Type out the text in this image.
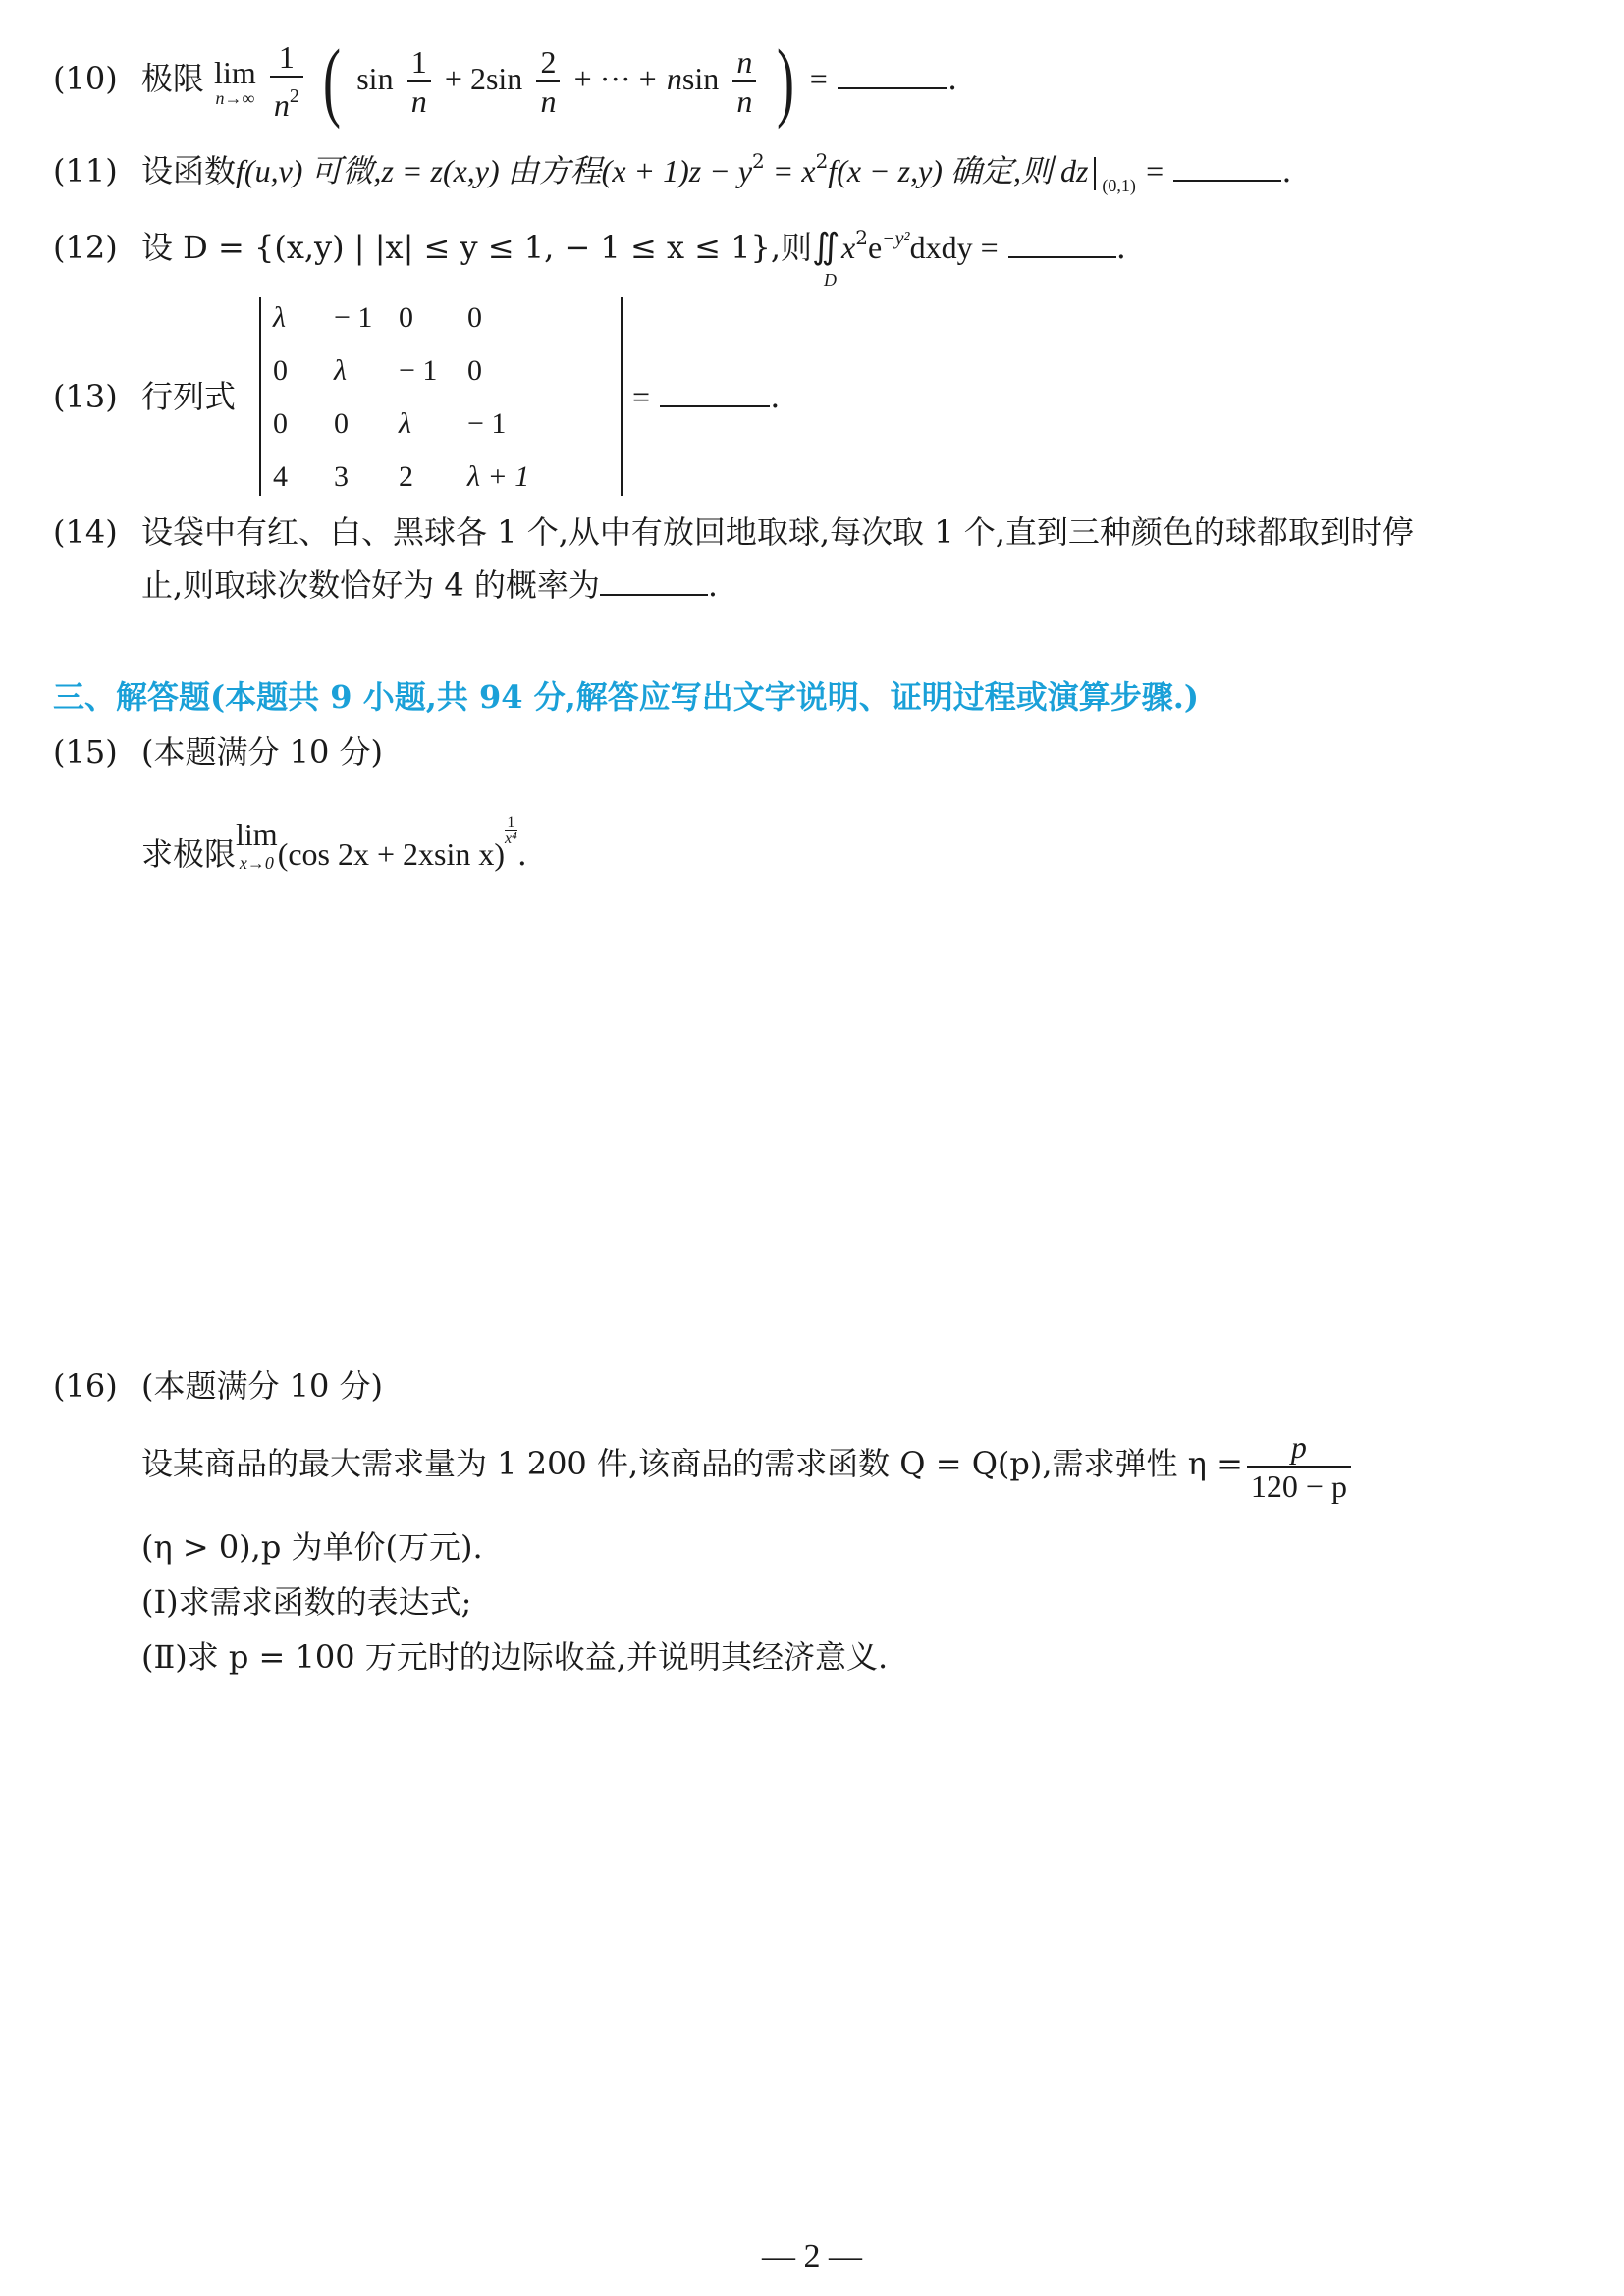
(10) 极限 lim
n→∞
$\frac{1}{n^2}$ ( $\sin \frac{1}{n} + 2\sin \frac{2}{n}$ + ··· + nsin $\frac{n}{n}$ ) =	.
(11) 设函数f(u,v) 可微,z = z(x,y) 由方程$(x + 1)z - y^2 = x^2f(x - z,y)$ 确定,则 dz $_{(0,1)}$ =	.
(12) 设 D = {(x,y) | |x| ≤ y ≤ 1, − 1 ≤ x ≤ 1},则∬
D
$x^2e^{-y^2}dxdy$ =	.
(13) 行列式
λ − 1 0 0
0 λ − 1 0
0 0 λ − 1
4 3 2 λ + 1
=	.
(14) 设袋中有红、白、黑球各 1 个,从中有放回地取球,每次取 1 个,直到三种颜色的球都取到时停
止,则取球次数恰好为 4 的概率为	.
三、解答题(本题共 9 小题,共 94 分,解答应写出文字说明、证明过程或演算步骤.)
(15) (本题满分 10 分)
求极限lim
x→0 (cos 2x + 2xsin x)
$\frac{1}{\text{x⁴}}$
.
(16) (本题满分 10 分)
设某商品的最大需求量为 1 200 件,该商品的需求函数 Q = Q(p),需求弹性 $\eta = \frac{p}{120 - p}$
(η > 0),p 为单价(万元).
(Ⅰ)求需求函数的表达式;
(Ⅱ)求 p = 100 万元时的边际收益,并说明其经济意义.
— 2 —
